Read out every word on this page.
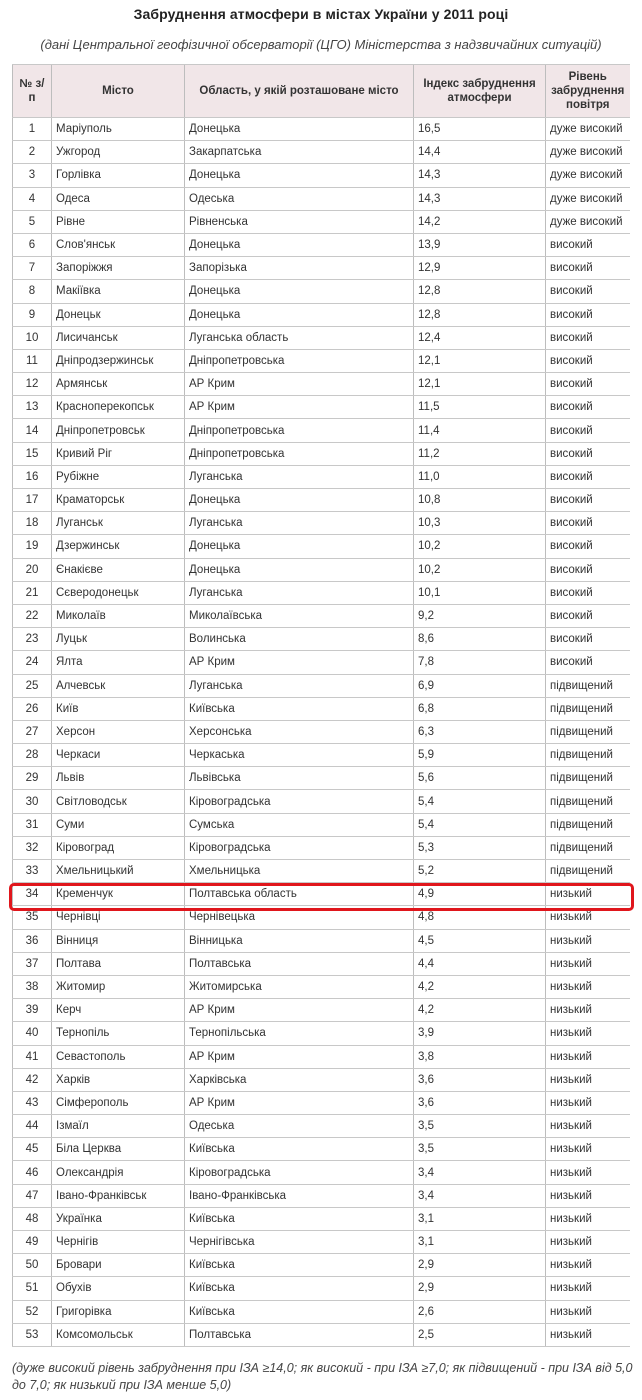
Забруднення атмосфери в містах України у 2011 році
(дані Центральної геофізичної обсерваторії (ЦГО) Міністерства з надзвичайних ситуацій)
№ з/п	Місто	Область, у якій розташоване місто	Індекс забруднення атмосфери	Рівень забруднення повітря
1	Маріуполь	Донецька	16,5	дуже високий
2	Ужгород	Закарпатська	14,4	дуже високий
3	Горлівка	Донецька	14,3	дуже високий
4	Одеса	Одеська	14,3	дуже високий
5	Рівне	Рівненська	14,2	дуже високий
6	Слов'янськ	Донецька	13,9	високий
7	Запоріжжя	Запорізька	12,9	високий
8	Макіївка	Донецька	12,8	високий
9	Донецьк	Донецька	12,8	високий
10	Лисичанськ	Луганська область	12,4	високий
11	Дніпродзержинськ	Дніпропетровська	12,1	високий
12	Армянськ	АР Крим	12,1	високий
13	Красноперекопськ	АР Крим	11,5	високий
14	Дніпропетровськ	Дніпропетровська	11,4	високий
15	Кривий Ріг	Дніпропетровська	11,2	високий
16	Рубіжне	Луганська	11,0	високий
17	Краматорськ	Донецька	10,8	високий
18	Луганськ	Луганська	10,3	високий
19	Дзержинськ	Донецька	10,2	високий
20	Єнакієве	Донецька	10,2	високий
21	Сєверодонецьк	Луганська	10,1	високий
22	Миколаїв	Миколаївська	9,2	високий
23	Луцьк	Волинська	8,6	високий
24	Ялта	АР Крим	7,8	високий
25	Алчевськ	Луганська	6,9	підвищений
26	Київ	Київська	6,8	підвищений
27	Херсон	Херсонська	6,3	підвищений
28	Черкаси	Черкаська	5,9	підвищений
29	Львів	Львівська	5,6	підвищений
30	Світловодськ	Кіровоградська	5,4	підвищений
31	Суми	Сумська	5,4	підвищений
32	Кіровоград	Кіровоградська	5,3	підвищений
33	Хмельницький	Хмельницька	5,2	підвищений
34	Кременчук	Полтавська область	4,9	низький
35	Чернівці	Чернівецька	4,8	низький
36	Вінниця	Вінницька	4,5	низький
37	Полтава	Полтавська	4,4	низький
38	Житомир	Житомирська	4,2	низький
39	Керч	АР Крим	4,2	низький
40	Тернопіль	Тернопільська	3,9	низький
41	Севастополь	АР Крим	3,8	низький
42	Харків	Харківська	3,6	низький
43	Сімферополь	АР Крим	3,6	низький
44	Ізмаїл	Одеська	3,5	низький
45	Біла Церква	Київська	3,5	низький
46	Олександрія	Кіровоградська	3,4	низький
47	Івано-Франківськ	Івано-Франківська	3,4	низький
48	Українка	Київська	3,1	низький
49	Чернігів	Чернігівська	3,1	низький
50	Бровари	Київська	2,9	низький
51	Обухів	Київська	2,9	низький
52	Григорівка	Київська	2,6	низький
53	Комсомольськ	Полтавська	2,5	низький
(дуже високий рівень забруднення при ІЗА ≥14,0; як високий - при ІЗА ≥7,0; як підвищений - при ІЗА від 5,0 до 7,0; як низький при ІЗА менше 5,0)
